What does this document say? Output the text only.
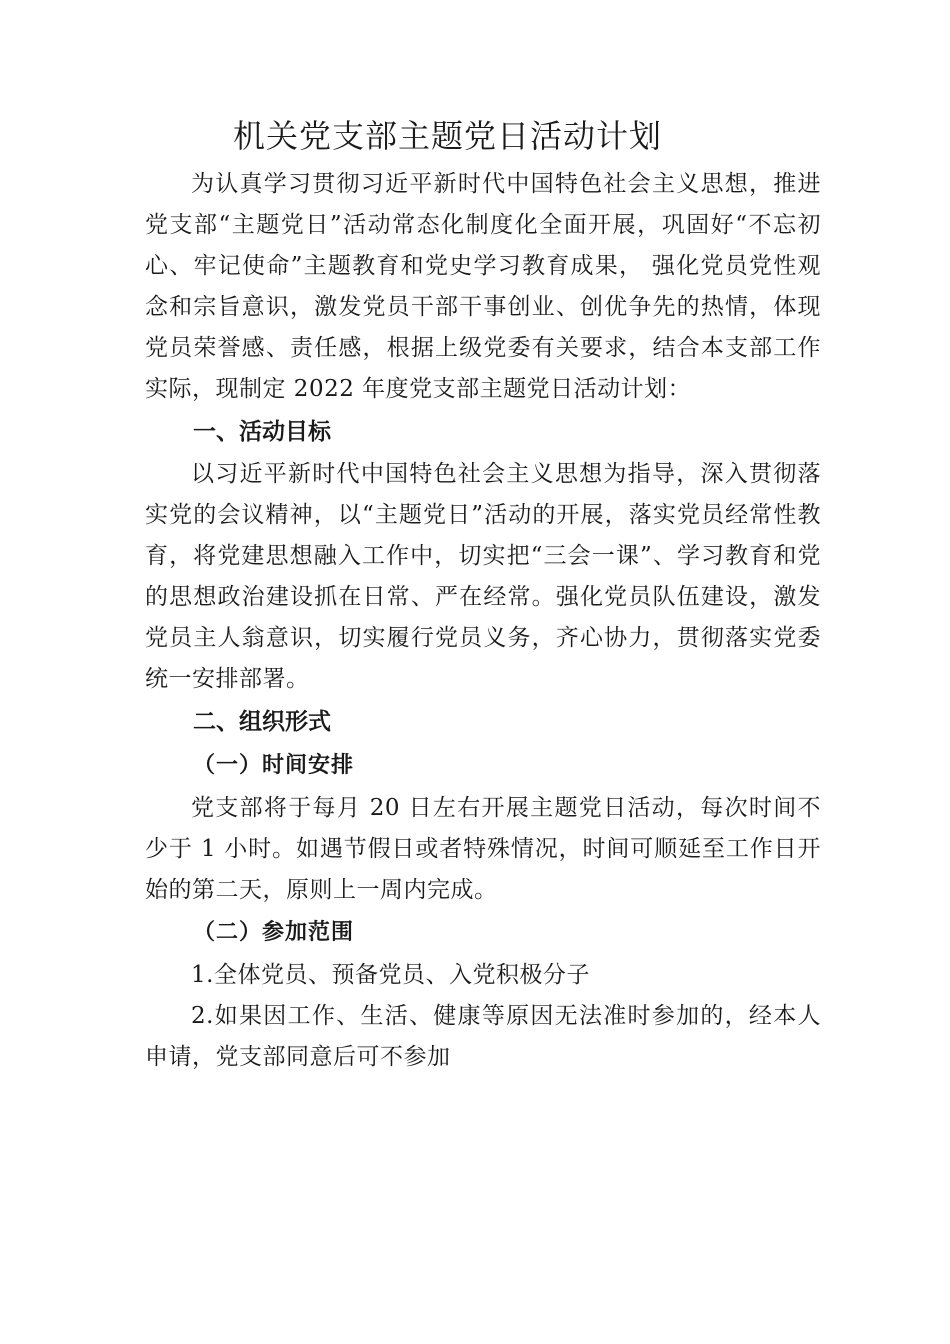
机关党支部主题党日活动计划

为认真学习贯彻习近平新时代中国特色社会主义思想，推进党支部“主题党日”活动常态化制度化全面开展，巩固好“不忘初心、牢记使命”主题教育和党史学习教育成果， 强化党员党性观念和宗旨意识，激发党员干部干事创业、创优争先的热情，体现党员荣誉感、责任感，根据上级党委有关要求，结合本支部工作实际，现制定 2022 年度党支部主题党日活动计划：

一、活动目标

以习近平新时代中国特色社会主义思想为指导，深入贯彻落实党的会议精神，以“主题党日”活动的开展，落实党员经常性教育，将党建思想融入工作中，切实把“三会一课”、学习教育和党的思想政治建设抓在日常、严在经常。强化党员队伍建设，激发党员主人翁意识，切实履行党员义务，齐心协力，贯彻落实党委统一安排部署。

二、组织形式
（一）时间安排

党支部将于每月 20 日左右开展主题党日活动，每次时间不少于 1 小时。如遇节假日或者特殊情况，时间可顺延至工作日开始的第二天，原则上一周内完成。

（二）参加范围

1.全体党员、预备党员、入党积极分子

2.如果因工作、生活、健康等原因无法准时参加的，经本人申请，党支部同意后可不参加
